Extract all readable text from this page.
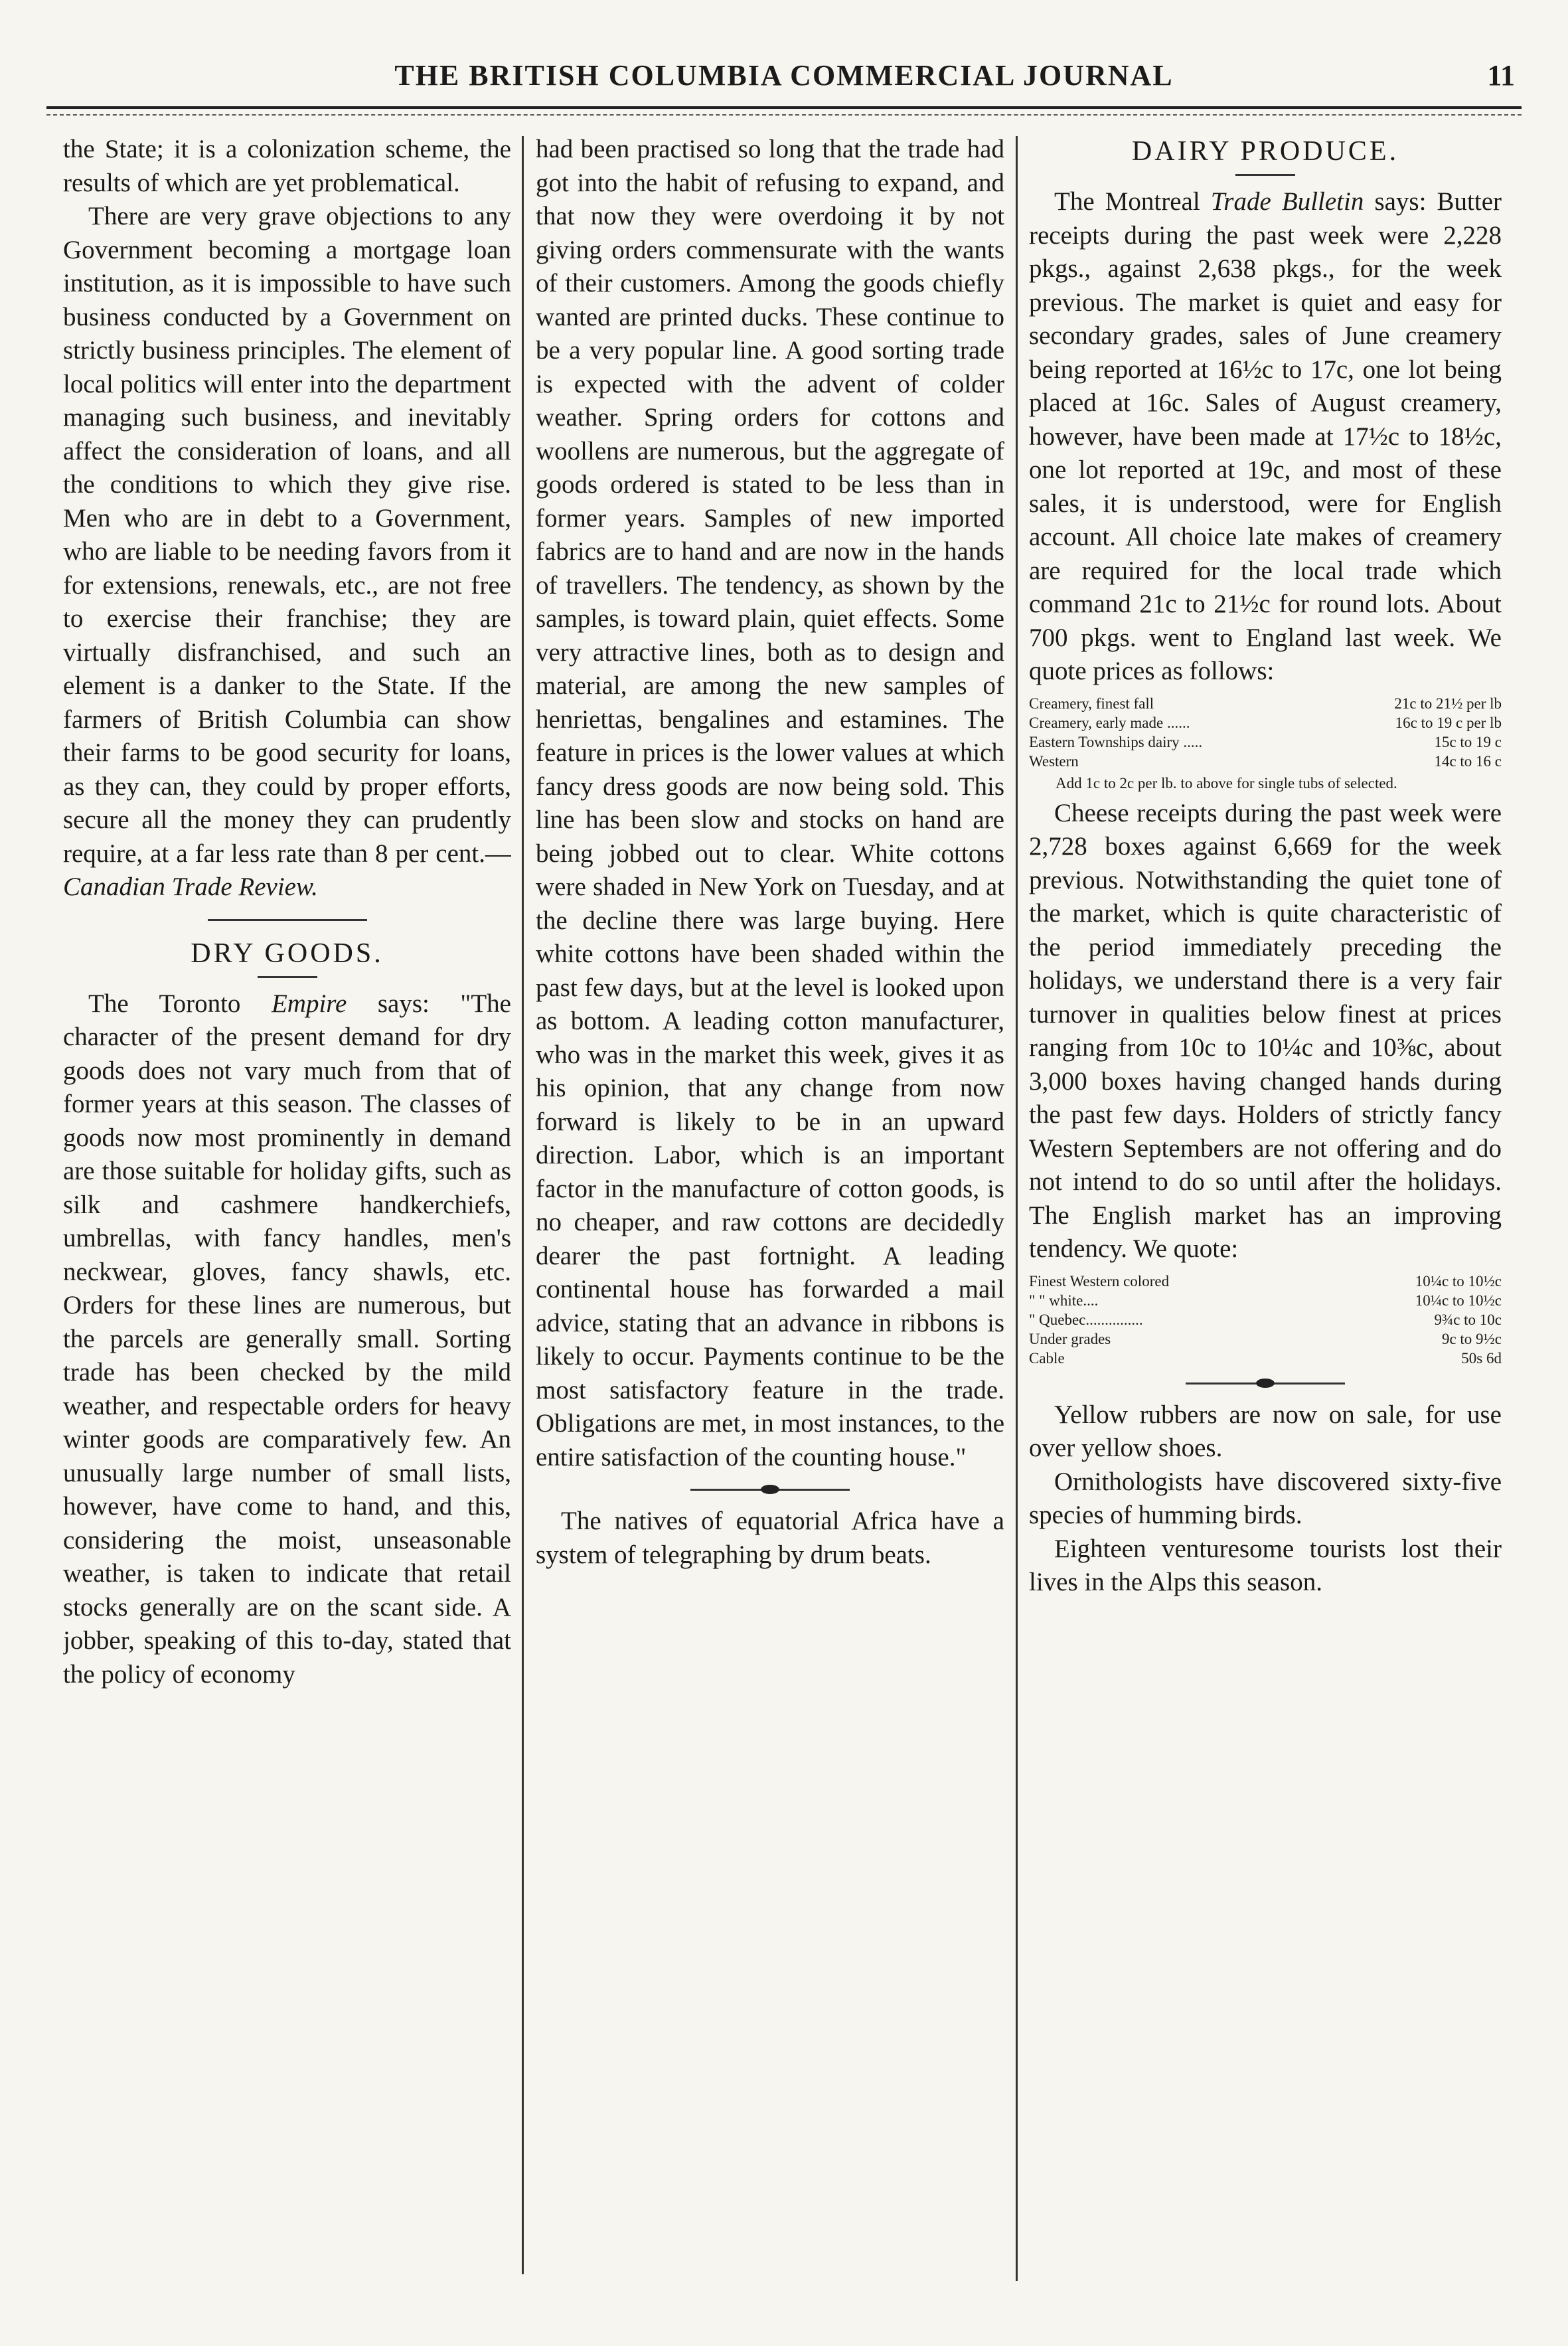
THE BRITISH COLUMBIA COMMERCIAL JOURNAL	11

the State; it is a colonization scheme, the results of which are yet problematical.

There are very grave objections to any Government becoming a mortgage loan institution, as it is impossible to have such business conducted by a Government on strictly business principles. The element of local politics will enter into the department managing such business, and inevitably affect the consideration of loans, and all the conditions to which they give rise. Men who are in debt to a Government, who are liable to be needing favors from it for extensions, renewals, etc., are not free to exercise their franchise; they are virtually disfranchised, and such an element is a danker to the State. If the farmers of British Columbia can show their farms to be good security for loans, as they can, they could by proper efforts, secure all the money they can prudently require, at a far less rate than 8 per cent.—Canadian Trade Review.

DRY GOODS.

The Toronto Empire says: "The character of the present demand for dry goods does not vary much from that of former years at this season. The classes of goods now most prominently in demand are those suitable for holiday gifts, such as silk and cashmere handkerchiefs, umbrellas, with fancy handles, men's neckwear, gloves, fancy shawls, etc. Orders for these lines are numerous, but the parcels are generally small. Sorting trade has been checked by the mild weather, and respectable orders for heavy winter goods are comparatively few. An unusually large number of small lists, however, have come to hand, and this, considering the moist, unseasonable weather, is taken to indicate that retail stocks generally are on the scant side. A jobber, speaking of this to-day, stated that the policy of economy

had been practised so long that the trade had got into the habit of refusing to expand, and that now they were overdoing it by not giving orders commensurate with the wants of their customers. Among the goods chiefly wanted are printed ducks. These continue to be a very popular line. A good sorting trade is expected with the advent of colder weather. Spring orders for cottons and woollens are numerous, but the aggregate of goods ordered is stated to be less than in former years. Samples of new imported fabrics are to hand and are now in the hands of travellers. The tendency, as shown by the samples, is toward plain, quiet effects. Some very attractive lines, both as to design and material, are among the new samples of henriettas, bengalines and estamines. The feature in prices is the lower values at which fancy dress goods are now being sold. This line has been slow and stocks on hand are being jobbed out to clear. White cottons were shaded in New York on Tuesday, and at the decline there was large buying. Here white cottons have been shaded within the past few days, but at the level is looked upon as bottom. A leading cotton manufacturer, who was in the market this week, gives it as his opinion, that any change from now forward is likely to be in an upward direction. Labor, which is an important factor in the manufacture of cotton goods, is no cheaper, and raw cottons are decidedly dearer the past fortnight. A leading continental house has forwarded a mail advice, stating that an advance in ribbons is likely to occur. Payments continue to be the most satisfactory feature in the trade. Obligations are met, in most instances, to the entire satisfaction of the counting house."

The natives of equatorial Africa have a system of telegraphing by drum beats.

DAIRY PRODUCE.

The Montreal Trade Bulletin says: Butter receipts during the past week were 2,228 pkgs., against 2,638 pkgs., for the week previous. The market is quiet and easy for secondary grades, sales of June creamery being reported at 16½c to 17c, one lot being placed at 16c. Sales of August creamery, however, have been made at 17½c to 18½c, one lot reported at 19c, and most of these sales, it is understood, were for English account. All choice late makes of creamery are required for the local trade which command 21c to 21½c for round lots. About 700 pkgs. went to England last week. We quote prices as follows:

Creamery, finest fall	21c to 21½ per lb
Creamery, early made ......	16c to 19 c per lb
Eastern Townships dairy .....	15c to 19 c
Western	14c to 16 c
Add 1c to 2c per lb. to above for single tubs of selected.

Cheese receipts during the past week were 2,728 boxes against 6,669 for the week previous. Notwithstanding the quiet tone of the market, which is quite characteristic of the period immediately preceding the holidays, we understand there is a very fair turnover in qualities below finest at prices ranging from 10c to 10¼c and 10⅜c, about 3,000 boxes having changed hands during the past few days. Holders of strictly fancy Western Septembers are not offering and do not intend to do so until after the holidays. The English market has an improving tendency. We quote:

Finest Western colored	10¼c to 10½c
" " white....	10¼c to 10½c
" Quebec...............	9¾c to 10c
Under grades	9c to 9½c
Cable	50s 6d

Yellow rubbers are now on sale, for use over yellow shoes.

Ornithologists have discovered sixty-five species of humming birds.

Eighteen venturesome tourists lost their lives in the Alps this season.
